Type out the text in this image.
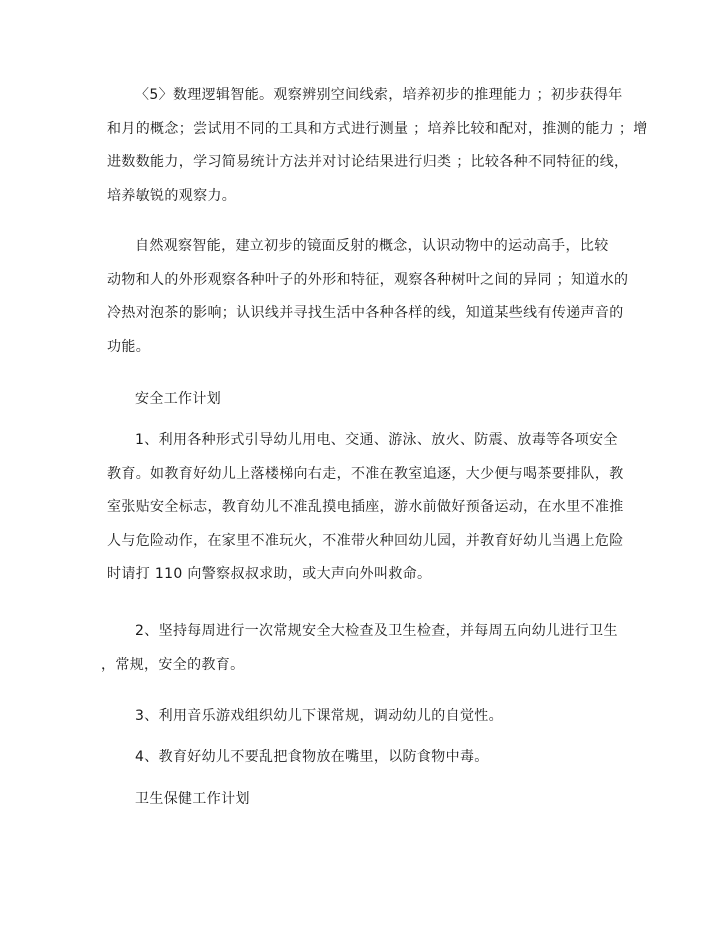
〈5〉数理逻辑智能。观察辨别空间线索，培养初步的推理能力 ；初步获得年
和月的概念；尝试用不同的工具和方式进行测量 ；培养比较和配对，推测的能力 ；增
进数数能力，学习简易统计方法并对讨论结果进行归类 ；比较各种不同特征的线，
培养敏锐的观察力。
自然观察智能，建立初步的镜面反射的概念，认识动物中的运动高手，比较
动物和人的外形观察各种叶子的外形和特征，观察各种树叶之间的异同 ；知道水的
冷热对泡茶的影响；认识线并寻找生活中各种各样的线，知道某些线有传递声音的
功能。
安全工作计划
1、利用各种形式引导幼儿用电、交通、游泳、放火、防震、放毒等各项安全
教育。如教育好幼儿上落楼梯向右走，不准在教室追逐，大少便与喝茶要排队，教
室张贴安全标志，教育幼儿不准乱摸电插座，游水前做好预备运动，在水里不准推
人与危险动作，在家里不准玩火，不准带火种回幼儿园，并教育好幼儿当遇上危险
时请打 110 向警察叔叔求助，或大声向外叫救命。
2、坚持每周进行一次常规安全大检查及卫生检查，并每周五向幼儿进行卫生
，常规，安全的教育。
3、利用音乐游戏组织幼儿下课常规，调动幼儿的自觉性。
4、教育好幼儿不要乱把食物放在嘴里，以防食物中毒。
卫生保健工作计划
